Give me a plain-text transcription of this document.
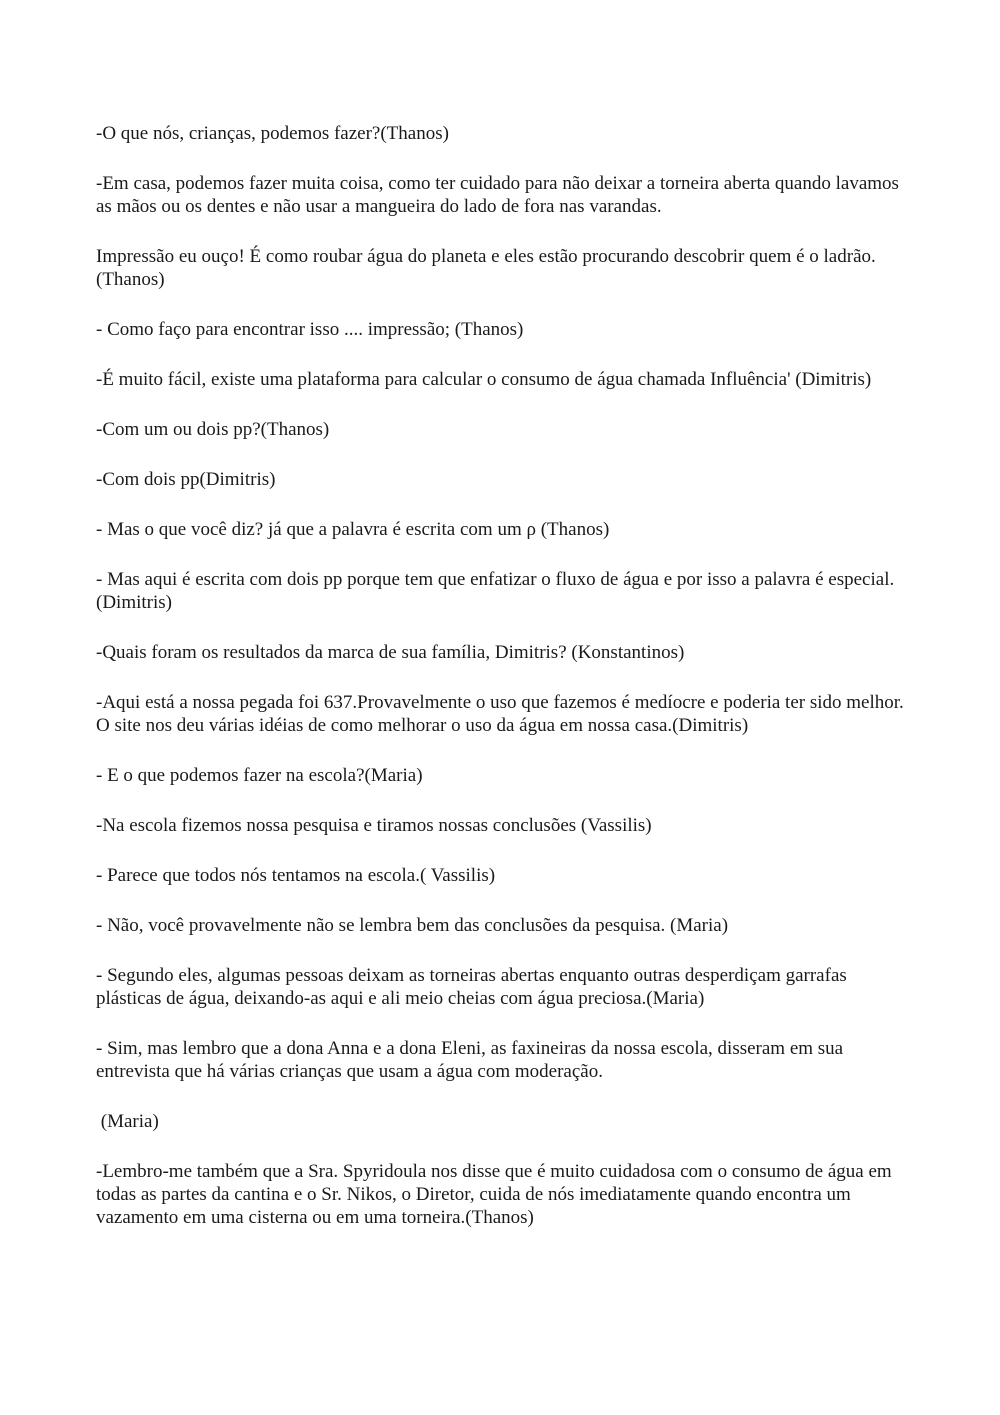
-O que nós, crianças, podemos fazer?(Thanos)

-Em casa, podemos fazer muita coisa, como ter cuidado para não deixar a torneira aberta quando lavamos as mãos ou os dentes e não usar a mangueira do lado de fora nas varandas.

Impressão eu ouço! É como roubar água do planeta e eles estão procurando descobrir quem é o ladrão. (Thanos)

- Como faço para encontrar isso .... impressão; (Thanos)

-É muito fácil, existe uma plataforma para calcular o consumo de água chamada Influência' (Dimitris)

-Com um ou dois pp?(Thanos)

-Com dois pp(Dimitris)

- Mas o que você diz? já que a palavra é escrita com um ρ (Thanos)

- Mas aqui é escrita com dois pp porque tem que enfatizar o fluxo de água e por isso a palavra é especial.(Dimitris)

-Quais foram os resultados da marca de sua família, Dimitris? (Konstantinos)

-Aqui está a nossa pegada foi 637.Provavelmente o uso que fazemos é medíocre e poderia ter sido melhor. O site nos deu várias idéias de como melhorar o uso da água em nossa casa.(Dimitris)

- E o que podemos fazer na escola?(Maria)

-Na escola fizemos nossa pesquisa e tiramos nossas conclusões (Vassilis)

- Parece que todos nós tentamos na escola.( Vassilis)

- Não, você provavelmente não se lembra bem das conclusões da pesquisa. (Maria)

- Segundo eles, algumas pessoas deixam as torneiras abertas enquanto outras desperdiçam garrafas plásticas de água, deixando-as aqui e ali meio cheias com água preciosa.(Maria)

- Sim, mas lembro que a dona Anna e a dona Eleni, as faxineiras da nossa escola, disseram em sua entrevista que há várias crianças que usam a água com moderação.

(Maria)

-Lembro-me também que a Sra. Spyridoula nos disse que é muito cuidadosa com o consumo de água em todas as partes da cantina e o Sr. Nikos, o Diretor, cuida de nós imediatamente quando encontra um vazamento em uma cisterna ou em uma torneira.(Thanos)
